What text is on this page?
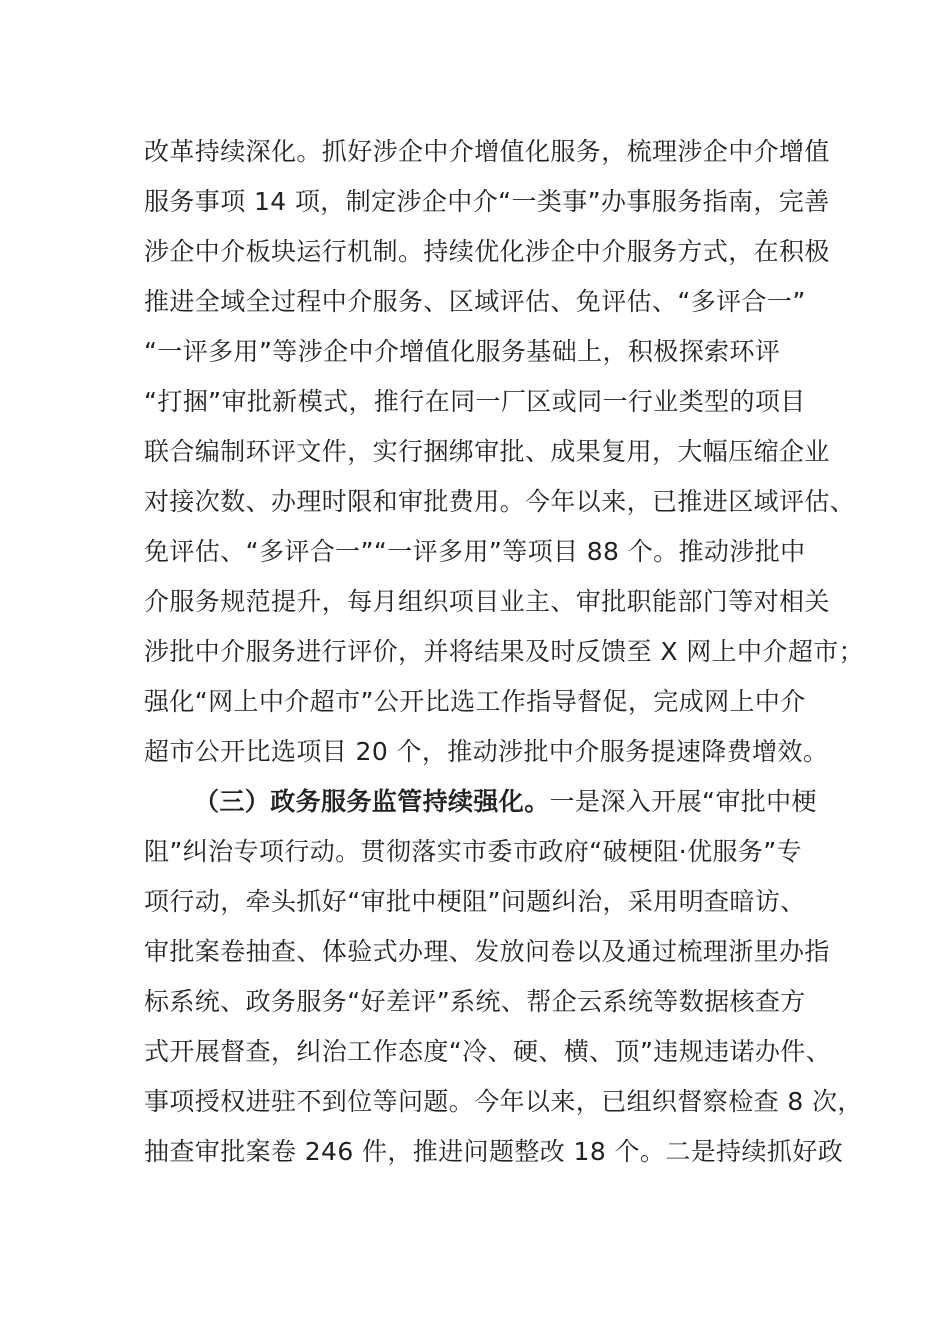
改革持续深化。抓好涉企中介增值化服务，梳理涉企中介增值
服务事项 14 项，制定涉企中介“一类事”办事服务指南，完善
涉企中介板块运行机制。持续优化涉企中介服务方式，在积极
推进全域全过程中介服务、区域评估、免评估、“多评合一”
“一评多用”等涉企中介增值化服务基础上，积极探索环评
“打捆”审批新模式，推行在同一厂区或同一行业类型的项目
联合编制环评文件，实行捆绑审批、成果复用，大幅压缩企业
对接次数、办理时限和审批费用。今年以来，已推进区域评估、
免评估、“多评合一”“一评多用”等项目 88 个。推动涉批中
介服务规范提升，每月组织项目业主、审批职能部门等对相关
涉批中介服务进行评价，并将结果及时反馈至 X 网上中介超市；
强化“网上中介超市”公开比选工作指导督促，完成网上中介
超市公开比选项目 20 个，推动涉批中介服务提速降费增效。
（三）政务服务监管持续强化。一是深入开展“审批中梗
阻”纠治专项行动。贯彻落实市委市政府“破梗阻·优服务”专
项行动，牵头抓好“审批中梗阻”问题纠治，采用明查暗访、
审批案卷抽查、体验式办理、发放问卷以及通过梳理浙里办指
标系统、政务服务“好差评”系统、帮企云系统等数据核查方
式开展督查，纠治工作态度“冷、硬、横、顶”违规违诺办件、
事项授权进驻不到位等问题。今年以来，已组织督察检查 8 次，
抽查审批案卷 246 件，推进问题整改 18 个。二是持续抓好政
